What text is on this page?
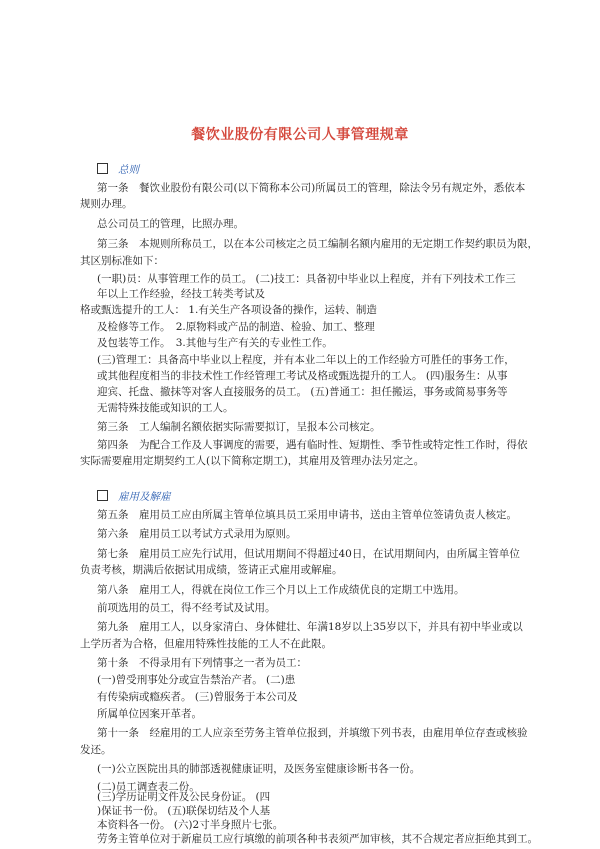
餐饮业股份有限公司人事管理规章
总则
第一条　餐饮业股份有限公司(以下简称本公司)所属员工的管理，除法令另有规定外，悉依本
规则办理。
总公司员工的管理，比照办理。
第三条　本规则所称员工，以在本公司核定之员工编制名额内雇用的无定期工作契约职员为限，
其区别标准如下：
(一职)员：从事管理工作的员工。 (二)技工：具备初中毕业以上程度，并有下列技术工作三
年以上工作经验，经技工转类考试及
格或甄选提升的工人： 1.有关生产各项设备的操作，运转、制造
及检修等工作。　2.原物料或产品的制造、检验、加工、整理
及包装等工作。　3.其他与生产有关的专业性工作。
(三)管理工：具备高中毕业以上程度，并有本业二年以上的工作经验方可胜任的事务工作，
或其他程度相当的非技术性工作经管理工考试及格或甄选提升的工人。 (四)服务生：从事
迎宾、托盘、撤抹等对客人直接服务的员工。 (五)普通工：担任搬运，事务或简易事务等
无需特殊技能或知识的工人。
第三条　工人编制名额依据实际需要拟订，呈报本公司核定。
第四条　为配合工作及人事调度的需要，遇有临时性、短期性、季节性或特定性工作时，得依
实际需要雇用定期契约工人(以下简称定期工)，其雇用及管理办法另定之。
雇用及解雇
第五条　雇用员工应由所属主管单位填具员工采用申请书，送由主管单位签请负责人核定。
第六条　雇用员工以考试方式录用为原则。
第七条　雇用员工应先行试用，但试用期间不得超过40日，在试用期间内，由所属主管单位
负责考核，期满后依据试用成绩，签请正式雇用或解雇。
第八条　雇用工人，得就在岗位工作三个月以上工作成绩优良的定期工中选用。
前项选用的员工，得不经考试及试用。
第九条　雇用工人，以身家清白、身体健壮、年满18岁以上35岁以下，并具有初中毕业或以
上学历者为合格，但雇用特殊性技能的工人不在此限。
第十条　不得录用有下列情事之一者为员工：
(一)曾受刑事处分或宣告禁治产者。 (二)患
有传染病或瘾疾者。 (三)曾服务于本公司及
所属单位因案开革者。
第十一条　经雇用的工人应亲至劳务主管单位报到，并填缴下列书表，由雇用单位存查或核验
发还。
(一)公立医院出具的肺部透视健康证明，及医务室健康诊断书各一份。
(二)员工调查表二份。
(三)学历证明文件及公民身份证。 (四
)保证书一份。 (五)联保切结及个人基
本资料各一份。 (六)2寸半身照片七张。
劳务主管单位对于新雇员工应行填缴的前项各种书表须严加审核，其不合规定者应拒绝其到工。
